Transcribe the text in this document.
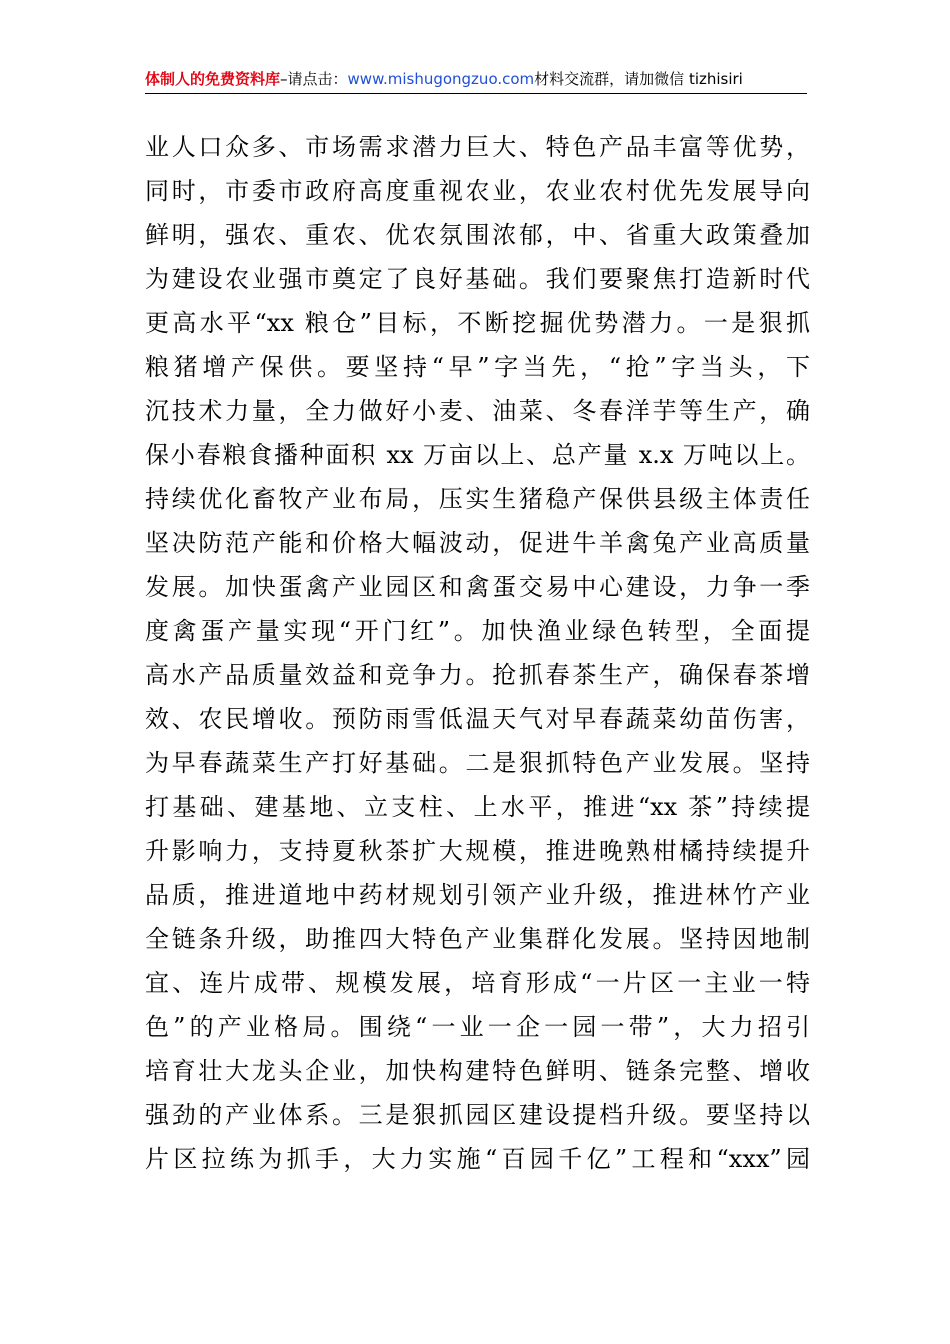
体制人的免费资料库–请点击：www.mishugongzuo.com材料交流群，请加微信 tizhisiri
业人口众多、市场需求潜力巨大、特色产品丰富等优势，
同时，市委市政府高度重视农业，农业农村优先发展导向
鲜明，强农、重农、优农氛围浓郁，中、省重大政策叠加
为建设农业强市奠定了良好基础。我们要聚焦打造新时代
更高水平“xx 粮仓”目标，不断挖掘优势潜力。一是狠抓
粮猪增产保供。要坚持“早”字当先，“抢”字当头，下
沉技术力量，全力做好小麦、油菜、冬春洋芋等生产，确
保小春粮食播种面积 xx 万亩以上、总产量 x.x 万吨以上。
持续优化畜牧产业布局，压实生猪稳产保供县级主体责任
坚决防范产能和价格大幅波动，促进牛羊禽兔产业高质量
发展。加快蛋禽产业园区和禽蛋交易中心建设，力争一季
度禽蛋产量实现“开门红”。加快渔业绿色转型，全面提
高水产品质量效益和竞争力。抢抓春茶生产，确保春茶增
效、农民增收。预防雨雪低温天气对早春蔬菜幼苗伤害，
为早春蔬菜生产打好基础。二是狠抓特色产业发展。坚持
打基础、建基地、立支柱、上水平，推进“xx 茶”持续提
升影响力，支持夏秋茶扩大规模，推进晚熟柑橘持续提升
品质，推进道地中药材规划引领产业升级，推进林竹产业
全链条升级，助推四大特色产业集群化发展。坚持因地制
宜、连片成带、规模发展，培育形成“一片区一主业一特
色”的产业格局。围绕“一业一企一园一带”，大力招引
培育壮大龙头企业，加快构建特色鲜明、链条完整、增收
强劲的产业体系。三是狠抓园区建设提档升级。要坚持以
片区拉练为抓手，大力实施“百园千亿”工程和“xxx”园
